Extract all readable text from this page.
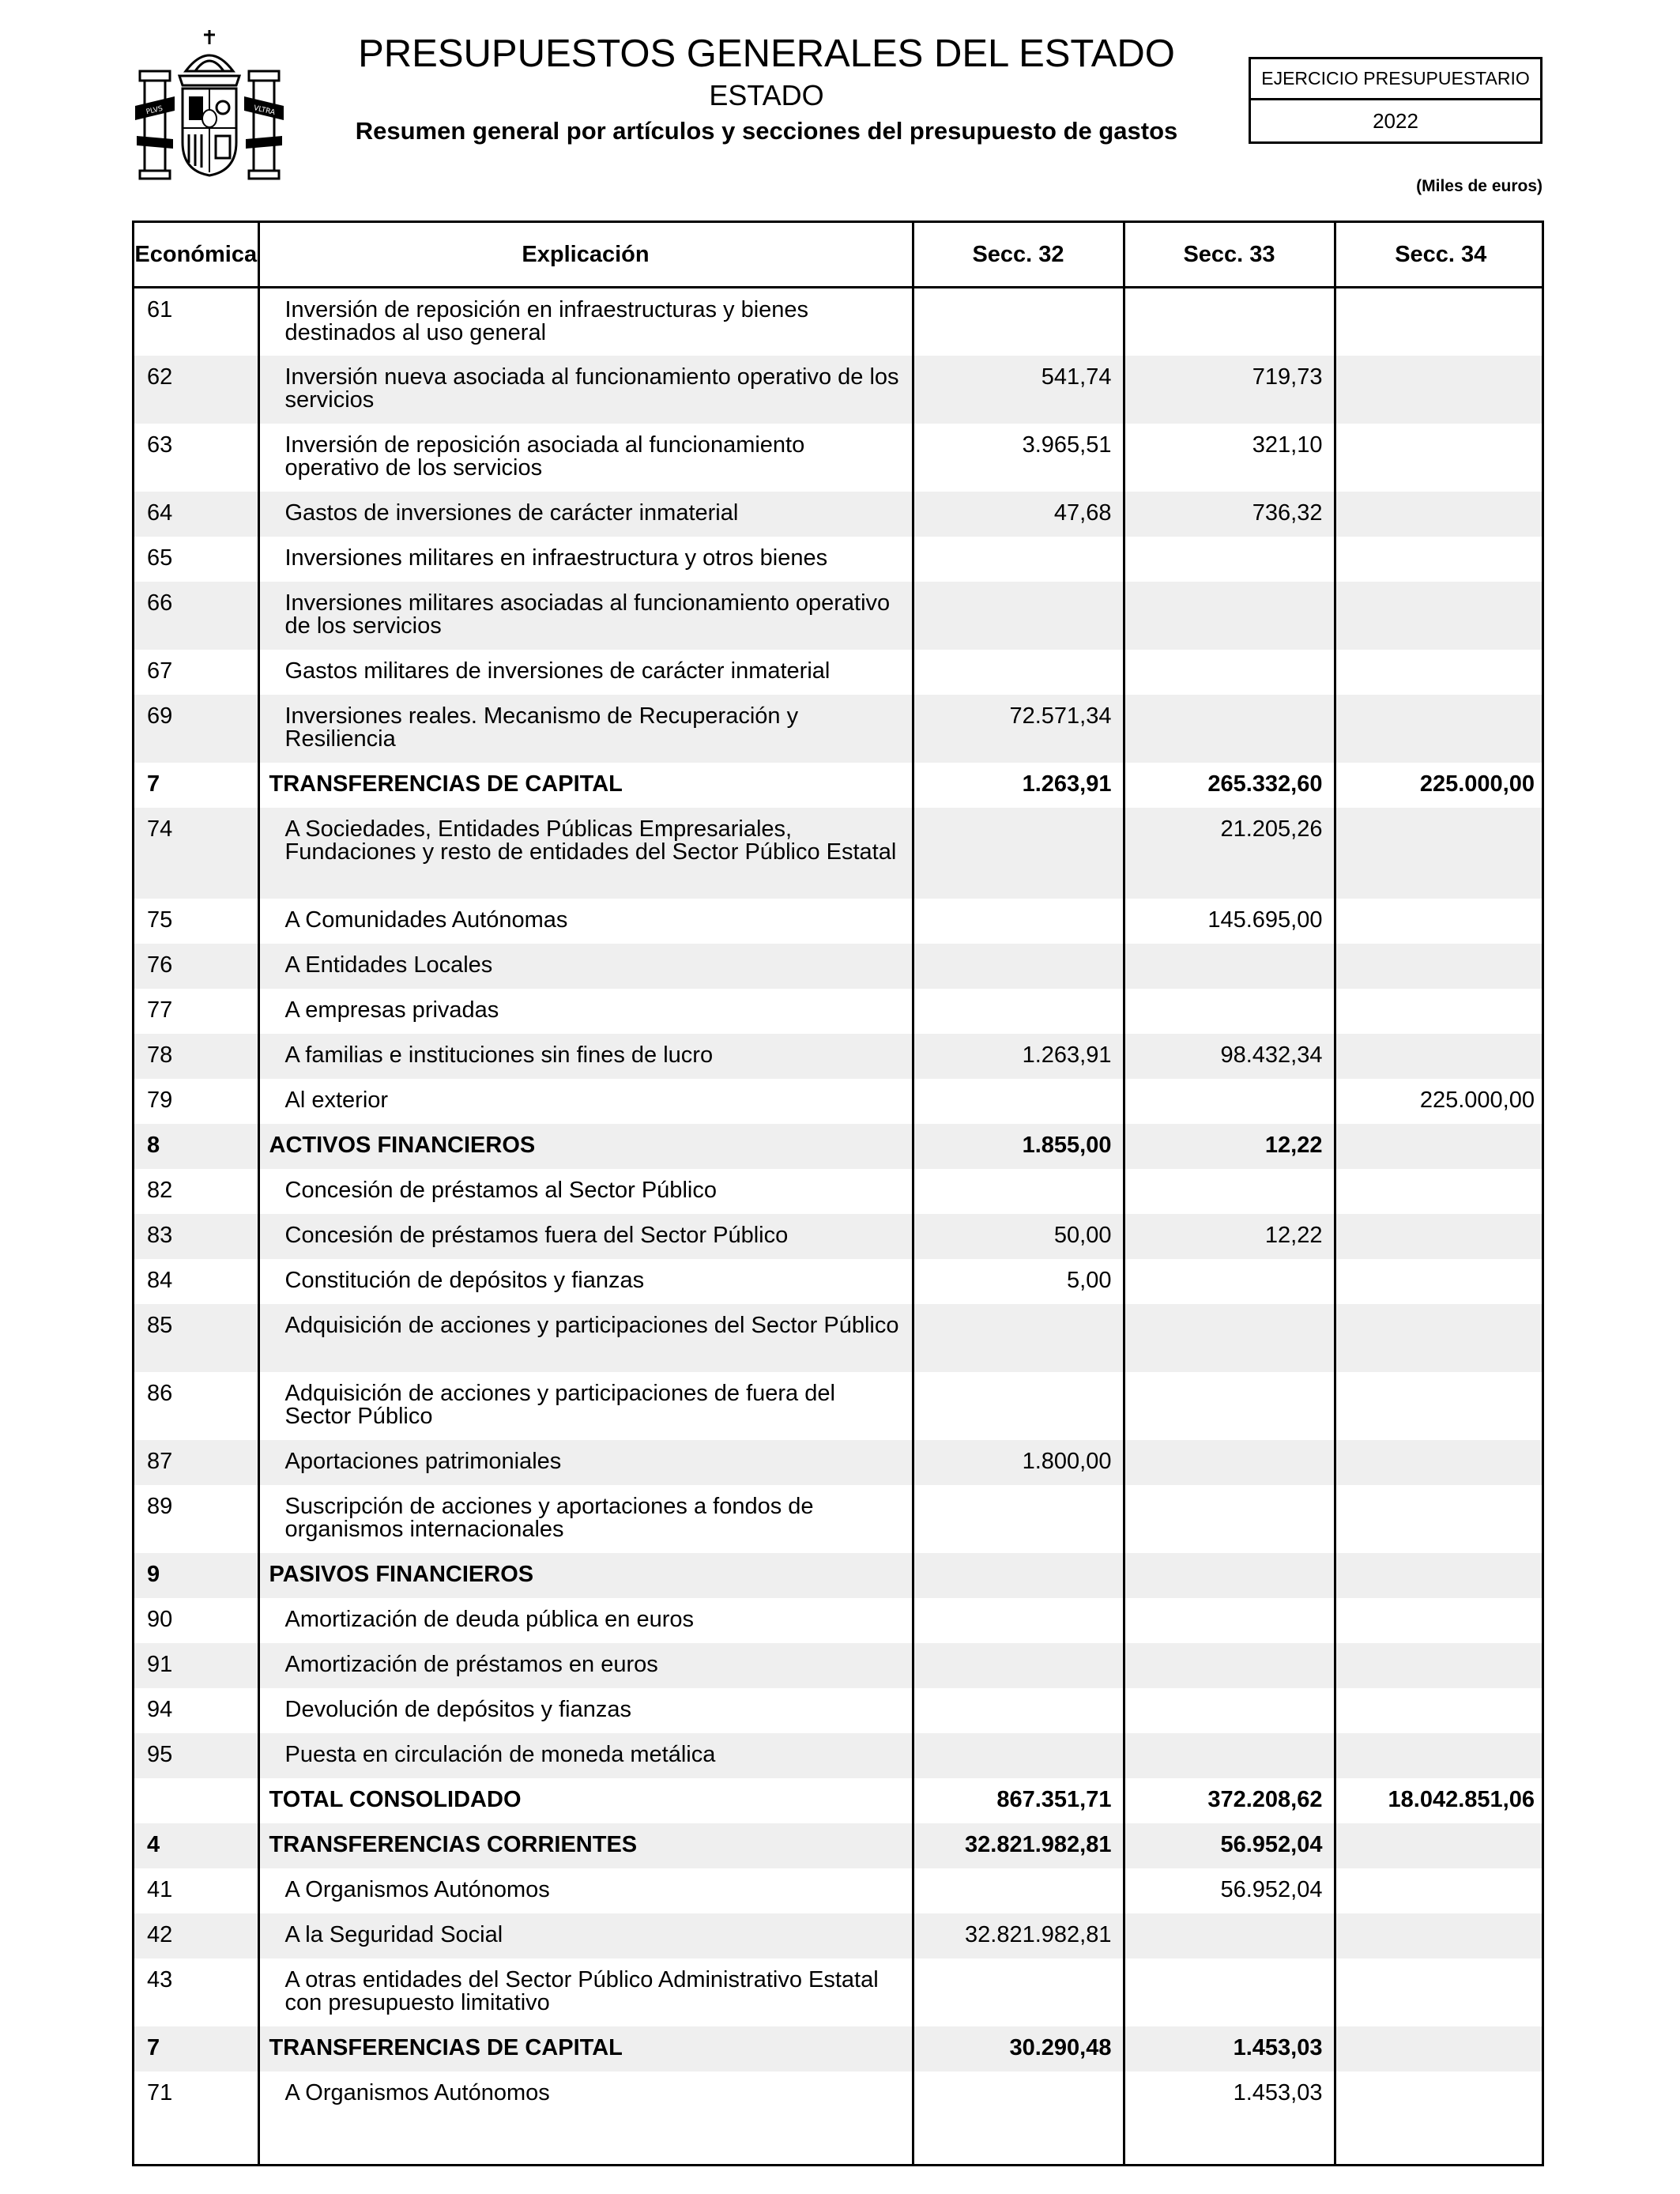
PLVS	VLTRA
PRESUPUESTOS GENERALES DEL ESTADO
ESTADO
Resumen general por artículos y secciones del presupuesto de gastos
EJERCICIO PRESUPUESTARIO
2022
(Miles de euros)
Económica	Explicación	Secc. 32	Secc. 33	Secc. 34
61	Inversión de reposición en infraestructuras y bienes destinados al uso general			
62	Inversión nueva asociada al funcionamiento operativo de los servicios	541,74	719,73	
63	Inversión de reposición asociada al funcionamiento operativo de los servicios	3.965,51	321,10	
64	Gastos de inversiones de carácter inmaterial	47,68	736,32	
65	Inversiones militares en infraestructura y otros bienes			
66	Inversiones militares asociadas al funcionamiento operativo de los servicios			
67	Gastos militares de inversiones de carácter inmaterial			
69	Inversiones reales. Mecanismo de Recuperación y Resiliencia	72.571,34		
7	TRANSFERENCIAS DE CAPITAL	1.263,91	265.332,60	225.000,00
74	A Sociedades, Entidades Públicas Empresariales, Fundaciones y resto de entidades del Sector Público Estatal		21.205,26	
75	A Comunidades Autónomas		145.695,00	
76	A Entidades Locales			
77	A empresas privadas			
78	A familias e instituciones sin fines de lucro	1.263,91	98.432,34	
79	Al exterior			225.000,00
8	ACTIVOS FINANCIEROS	1.855,00	12,22	
82	Concesión de préstamos al Sector Público			
83	Concesión de préstamos fuera del Sector Público	50,00	12,22	
84	Constitución de depósitos y fianzas	5,00		
85	Adquisición de acciones y participaciones del Sector Público			
86	Adquisición de acciones y participaciones de fuera del Sector Público			
87	Aportaciones patrimoniales	1.800,00		
89	Suscripción de acciones y aportaciones a fondos de organismos internacionales			
9	PASIVOS FINANCIEROS			
90	Amortización de deuda pública en euros			
91	Amortización de préstamos en euros			
94	Devolución de depósitos y fianzas			
95	Puesta en circulación de moneda metálica			
	TOTAL CONSOLIDADO	867.351,71	372.208,62	18.042.851,06
4	TRANSFERENCIAS CORRIENTES	32.821.982,81	56.952,04	
41	A Organismos Autónomos		56.952,04	
42	A la Seguridad Social	32.821.982,81		
43	A otras entidades del Sector Público Administrativo Estatal con presupuesto limitativo			
7	TRANSFERENCIAS DE CAPITAL	30.290,48	1.453,03	
71	A Organismos Autónomos		1.453,03	
